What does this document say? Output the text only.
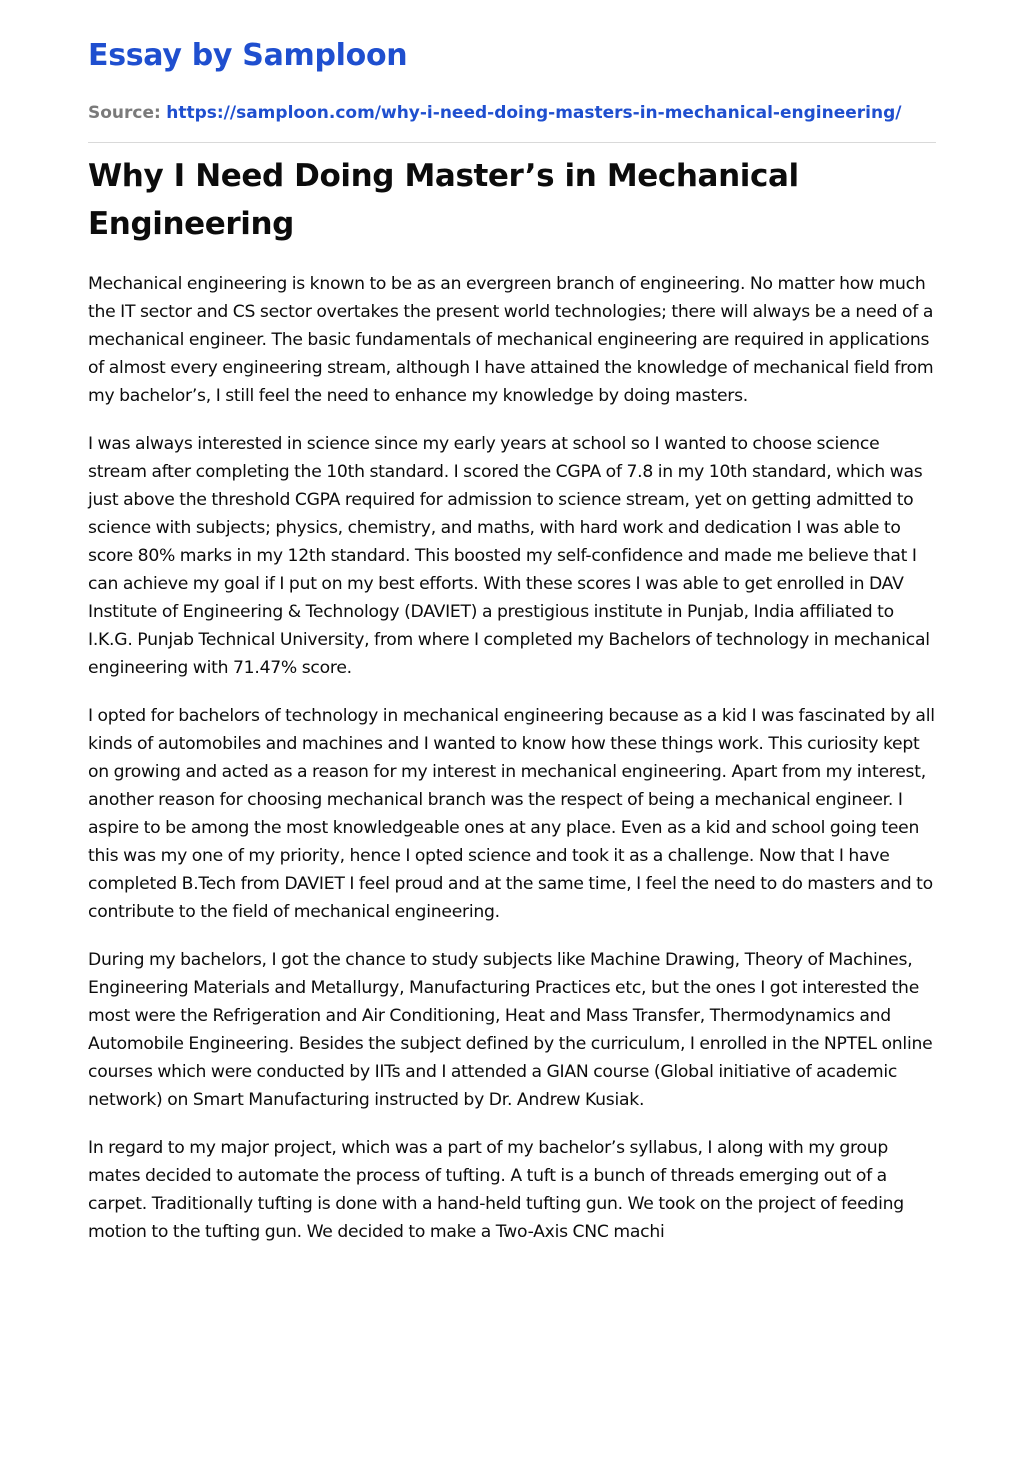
Essay by Samploon
Source: https://samploon.com/why-i-need-doing-masters-in-mechanical-engineering/
Why I Need Doing Master’s in Mechanical Engineering

Mechanical engineering is known to be as an evergreen branch of engineering. No matter how much the IT sector and CS sector overtakes the present world technologies; there will always be a need of a mechanical engineer. The basic fundamentals of mechanical engineering are required in applications of almost every engineering stream, although I have attained the knowledge of mechanical field from my bachelor’s, I still feel the need to enhance my knowledge by doing masters.

I was always interested in science since my early years at school so I wanted to choose science stream after completing the 10th standard. I scored the CGPA of 7.8 in my 10th standard, which was just above the threshold CGPA required for admission to science stream, yet on getting admitted to science with subjects; physics, chemistry, and maths, with hard work and dedication I was able to score 80% marks in my 12th standard. This boosted my self-confidence and made me believe that I can achieve my goal if I put on my best efforts. With these scores I was able to get enrolled in DAV Institute of Engineering & Technology (DAVIET) a prestigious institute in Punjab, India affiliated to I.K.G. Punjab Technical University, from where I completed my Bachelors of technology in mechanical engineering with 71.47% score.

I opted for bachelors of technology in mechanical engineering because as a kid I was fascinated by all kinds of automobiles and machines and I wanted to know how these things work. This curiosity kept on growing and acted as a reason for my interest in mechanical engineering. Apart from my interest, another reason for choosing mechanical branch was the respect of being a mechanical engineer. I aspire to be among the most knowledgeable ones at any place. Even as a kid and school going teen this was my one of my priority, hence I opted science and took it as a challenge. Now that I have completed B.Tech from DAVIET I feel proud and at the same time, I feel the need to do masters and to contribute to the field of mechanical engineering.

During my bachelors, I got the chance to study subjects like Machine Drawing, Theory of Machines, Engineering Materials and Metallurgy, Manufacturing Practices etc, but the ones I got interested the most were the Refrigeration and Air Conditioning, Heat and Mass Transfer, Thermodynamics and Automobile Engineering. Besides the subject defined by the curriculum, I enrolled in the NPTEL online courses which were conducted by IITs and I attended a GIAN course (Global initiative of academic network) on Smart Manufacturing instructed by Dr. Andrew Kusiak.

In regard to my major project, which was a part of my bachelor’s syllabus, I along with my group mates decided to automate the process of tufting. A tuft is a bunch of threads emerging out of a carpet. Traditionally tufting is done with a hand-held tufting gun. We took on the project of feeding motion to the tufting gun. We decided to make a Two-Axis CNC machi
